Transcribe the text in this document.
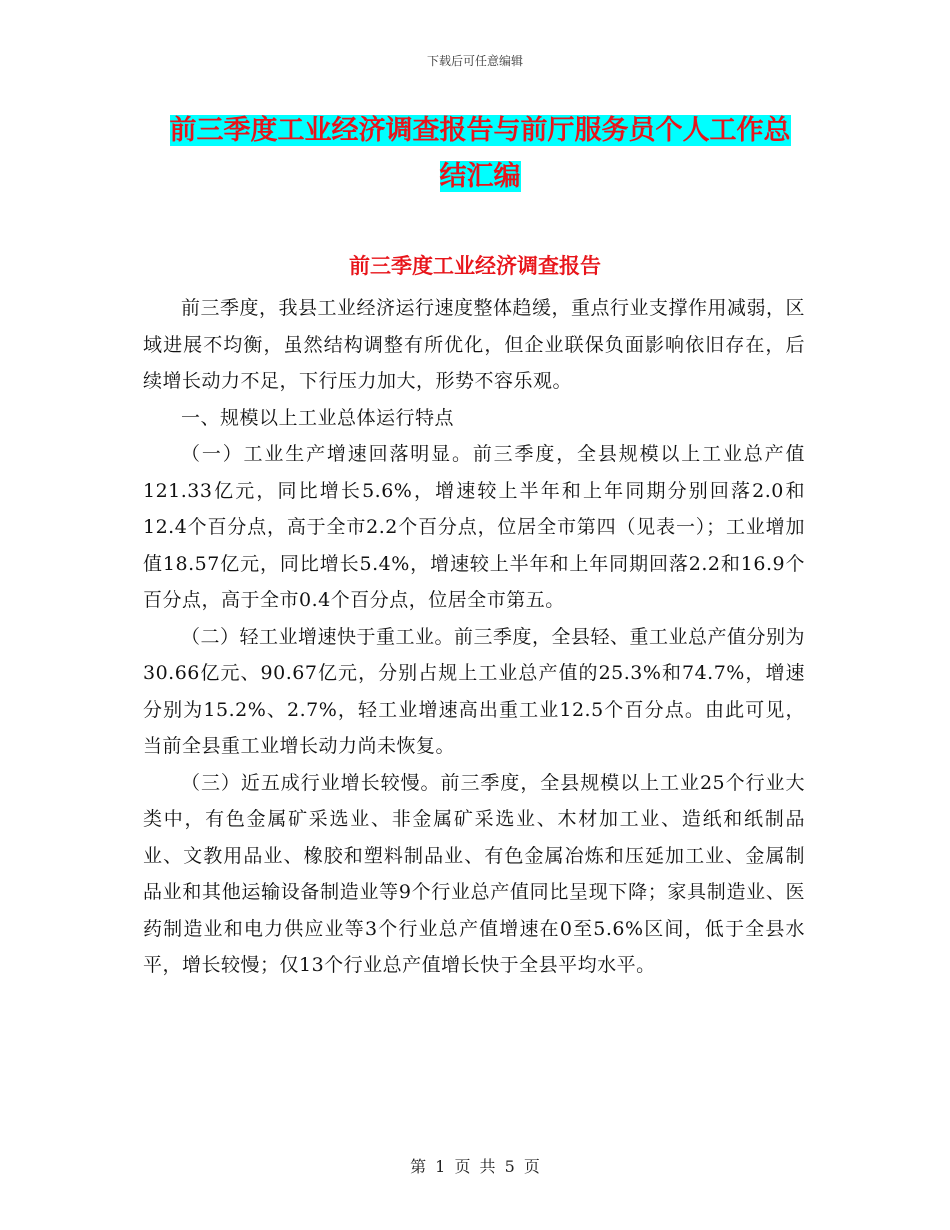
下载后可任意编辑
前三季度工业经济调查报告与前厅服务员个人工作总
结汇编
前三季度工业经济调查报告

前三季度，我县工业经济运行速度整体趋缓，重点行业支撑作用减弱，区域进展不均衡，虽然结构调整有所优化，但企业联保负面影响依旧存在，后续增长动力不足，下行压力加大，形势不容乐观。

一、规模以上工业总体运行特点

（一）工业生产增速回落明显。前三季度，全县规模以上工业总产值121.33亿元，同比增长5.6%，增速较上半年和上年同期分别回落2.0和12.4个百分点，高于全市2.2个百分点，位居全市第四（见表一）；工业增加值18.57亿元，同比增长5.4%，增速较上半年和上年同期回落2.2和16.9个百分点，高于全市0.4个百分点，位居全市第五。

（二）轻工业增速快于重工业。前三季度，全县轻、重工业总产值分别为30.66亿元、90.67亿元，分别占规上工业总产值的25.3%和74.7%，增速分别为15.2%、2.7%，轻工业增速高出重工业12.5个百分点。由此可见，当前全县重工业增长动力尚未恢复。

（三）近五成行业增长较慢。前三季度，全县规模以上工业25个行业大类中，有色金属矿采选业、非金属矿采选业、木材加工业、造纸和纸制品业、文教用品业、橡胶和塑料制品业、有色金属冶炼和压延加工业、金属制品业和其他运输设备制造业等9个行业总产值同比呈现下降；家具制造业、医药制造业和电力供应业等3个行业总产值增速在0至5.6%区间，低于全县水平，增长较慢；仅13个行业总产值增长快于全县平均水平。

第 1 页 共 5 页
